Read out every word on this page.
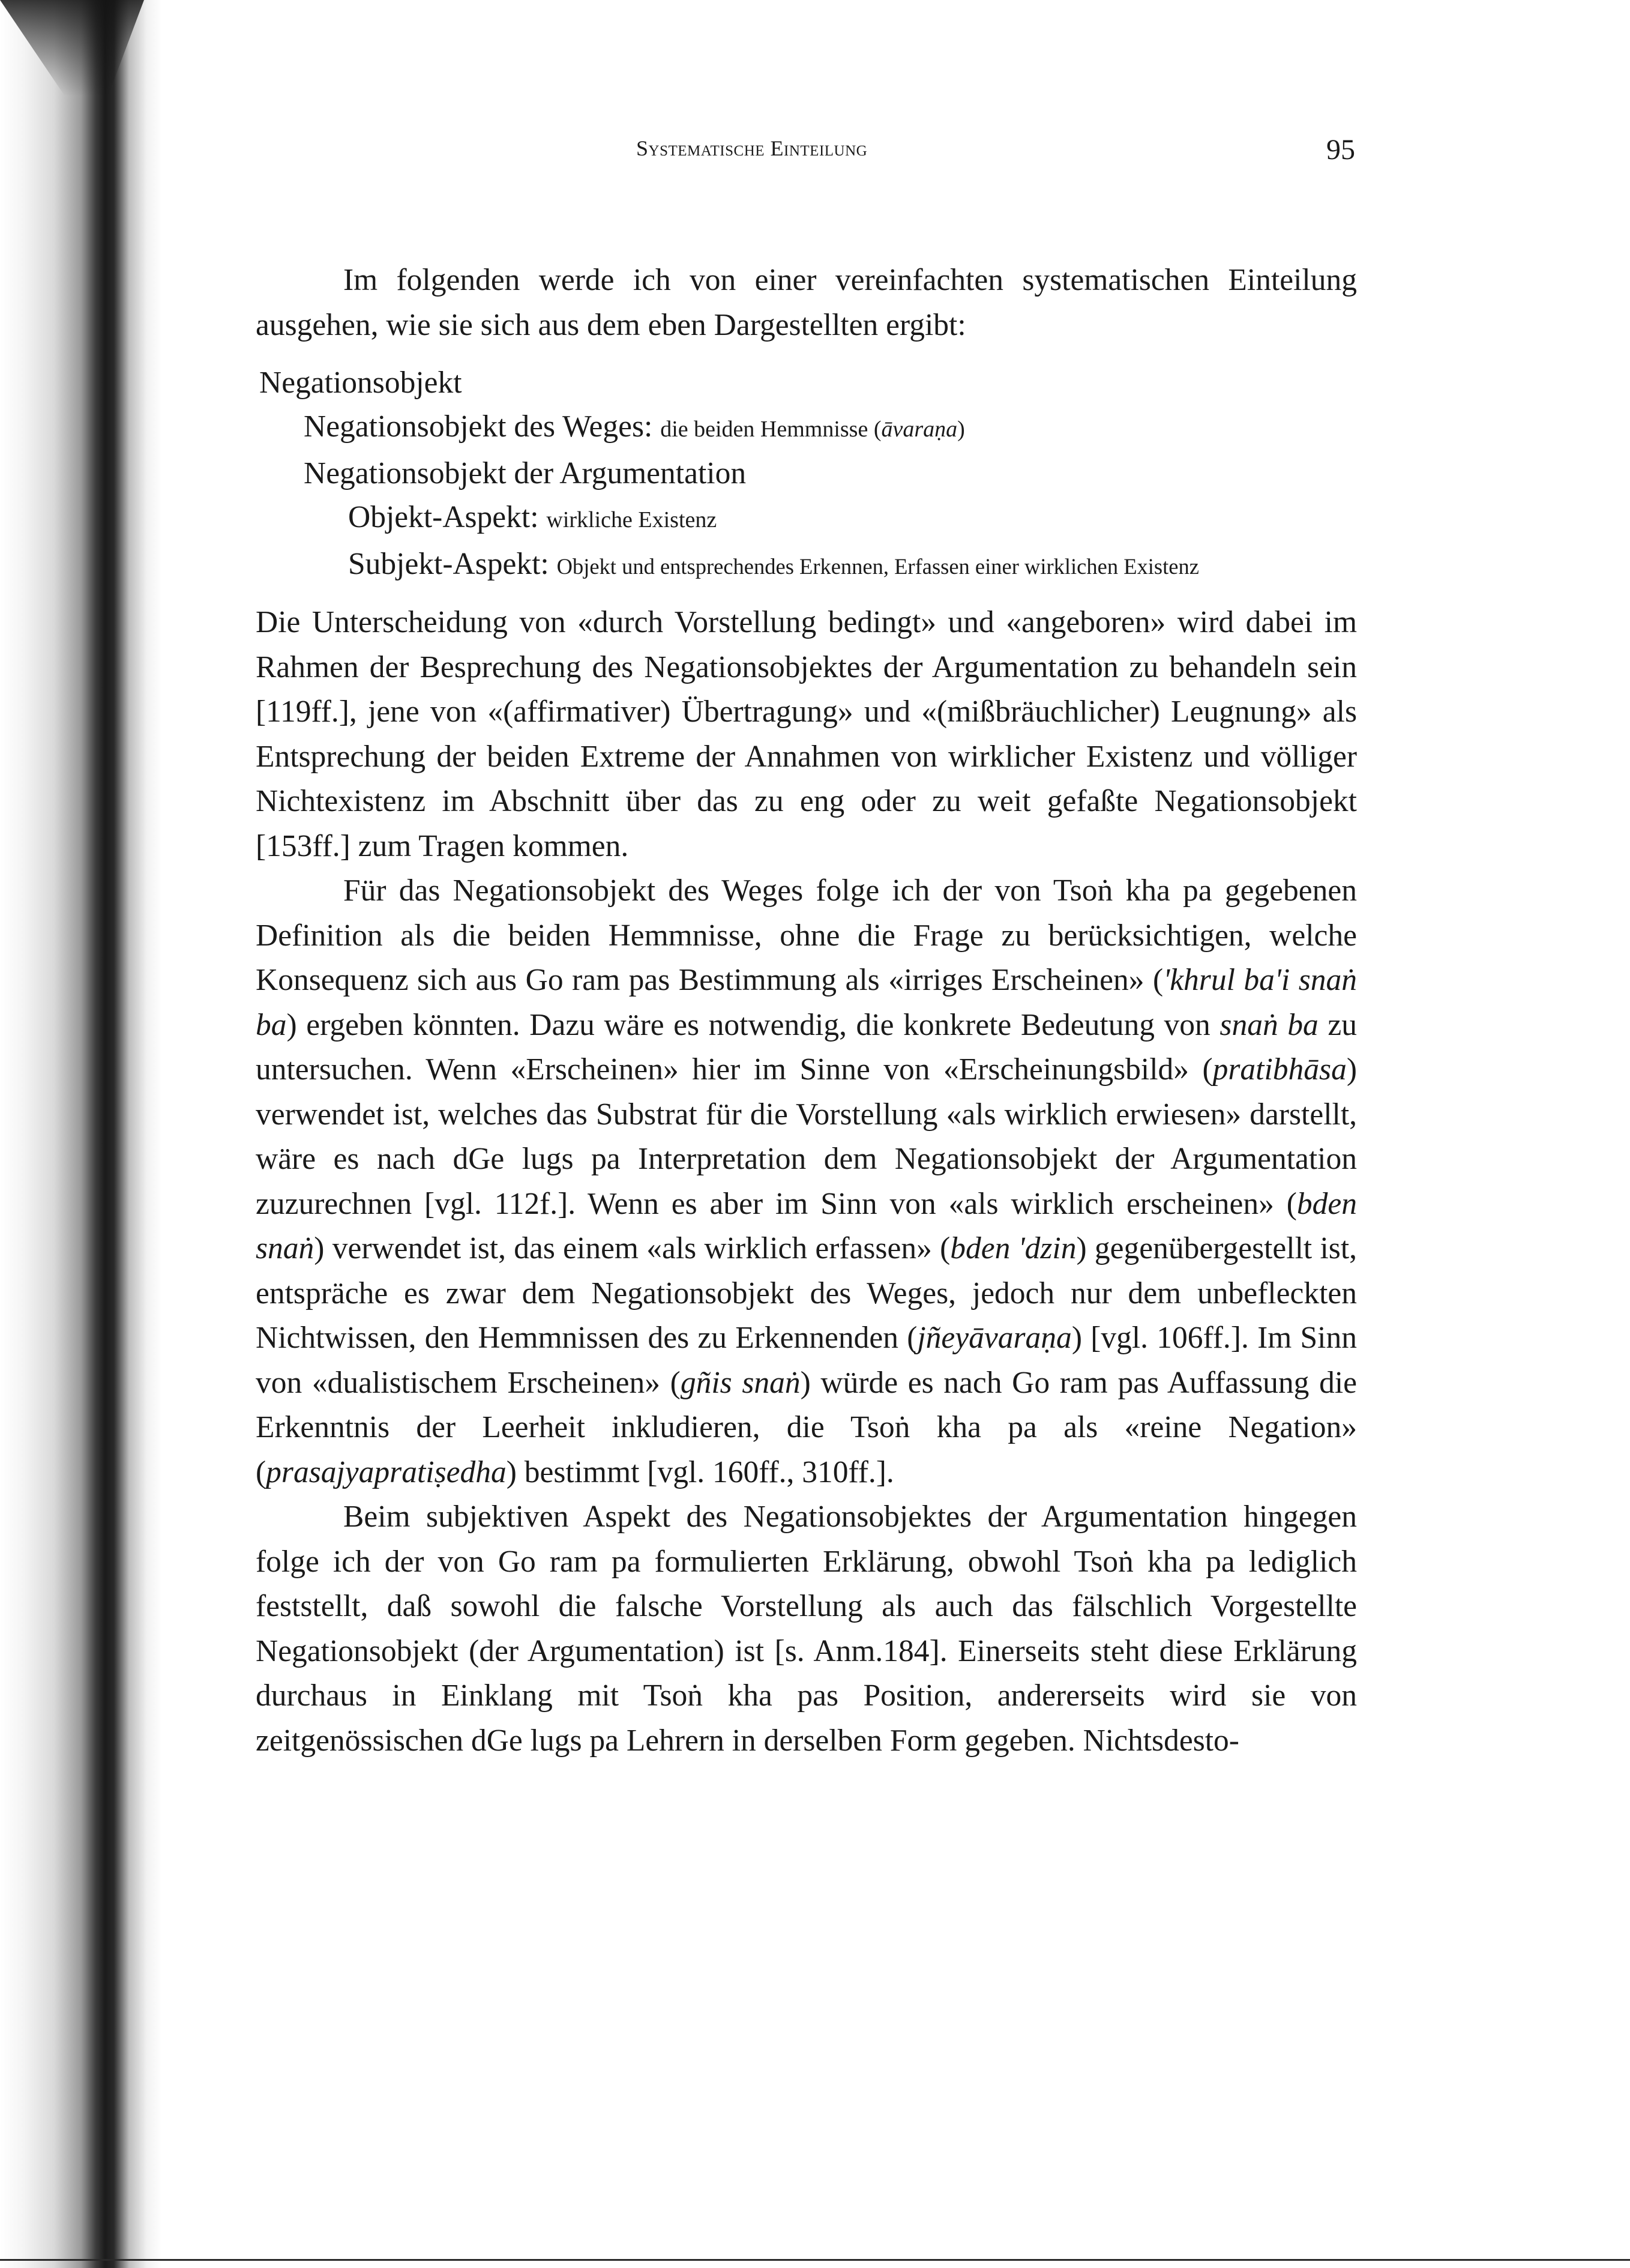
Systematische Einteilung	95

Im folgenden werde ich von einer vereinfachten systematischen Einteilung ausgehen, wie sie sich aus dem eben Dargestellten ergibt:

Negationsobjekt
Negationsobjekt des Weges: die beiden Hemmnisse (āvaraṇa)
Negationsobjekt der Argumentation
Objekt-Aspekt: wirkliche Existenz
Subjekt-Aspekt: Objekt und entsprechendes Erkennen, Erfassen einer wirklichen Existenz

Die Unterscheidung von «durch Vorstellung bedingt» und «angeboren» wird dabei im Rahmen der Besprechung des Negationsobjektes der Argumentation zu behandeln sein [119ff.], jene von «(affirmativer) Übertragung» und «(mißbräuchlicher) Leugnung» als Entsprechung der beiden Extreme der Annahmen von wirklicher Existenz und völliger Nichtexistenz im Abschnitt über das zu eng oder zu weit gefaßte Negationsobjekt [153ff.] zum Tragen kommen.

Für das Negationsobjekt des Weges folge ich der von Tsoṅ kha pa gegebenen Definition als die beiden Hemmnisse, ohne die Frage zu berücksichtigen, welche Konsequenz sich aus Go ram pas Bestimmung als «irriges Erscheinen» ('khrul ba'i snaṅ ba) ergeben könnten. Dazu wäre es notwendig, die konkrete Bedeutung von snaṅ ba zu untersuchen. Wenn «Erscheinen» hier im Sinne von «Erscheinungsbild» (pratibhāsa) verwendet ist, welches das Substrat für die Vorstellung «als wirklich erwiesen» darstellt, wäre es nach dGe lugs pa Interpretation dem Negationsobjekt der Argumentation zuzurechnen [vgl. 112f.]. Wenn es aber im Sinn von «als wirklich erscheinen» (bden snaṅ) verwendet ist, das einem «als wirklich erfassen» (bden 'dzin) gegenübergestellt ist, entspräche es zwar dem Negationsobjekt des Weges, jedoch nur dem unbefleckten Nichtwissen, den Hemmnissen des zu Erkennenden (jñeyāvaraṇa) [vgl. 106ff.]. Im Sinn von «dualistischem Erscheinen» (gñis snaṅ) würde es nach Go ram pas Auffassung die Erkenntnis der Leerheit inkludieren, die Tsoṅ kha pa als «reine Negation» (prasajyapratiṣedha) bestimmt [vgl. 160ff., 310ff.].

Beim subjektiven Aspekt des Negationsobjektes der Argumentation hingegen folge ich der von Go ram pa formulierten Erklärung, obwohl Tsoṅ kha pa lediglich feststellt, daß sowohl die falsche Vorstellung als auch das fälschlich Vorgestellte Negationsobjekt (der Argumentation) ist [s. Anm.184]. Einerseits steht diese Erklärung durchaus in Einklang mit Tsoṅ kha pas Position, andererseits wird sie von zeitgenössischen dGe lugs pa Lehrern in derselben Form gegeben. Nichtsdesto-
